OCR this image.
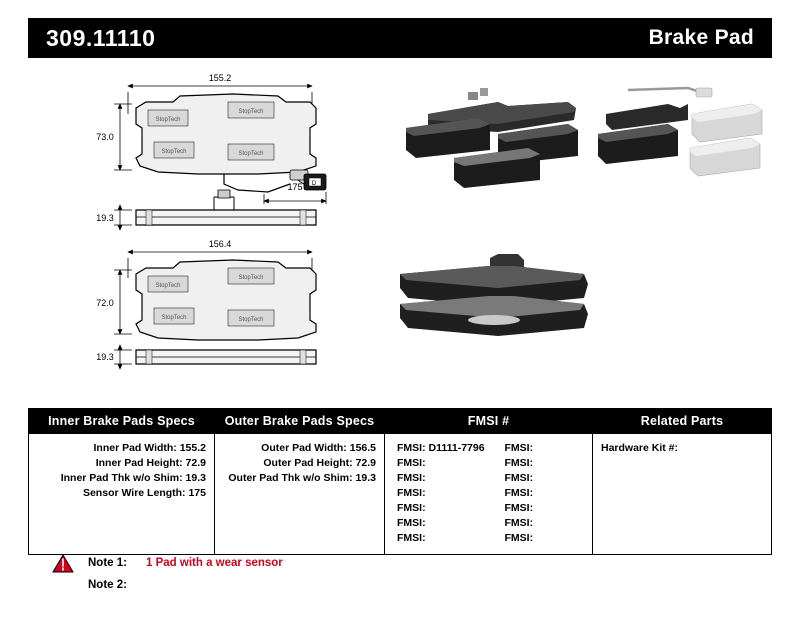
309.11110	Brake Pad
155.2
73.0
StopTech
StopTech
StopTech	StopTech
D
175
19.3
156.4
72.0
StopTech
StopTech
StopTech	StopTech
19.3
Inner Brake Pads Specs
Inner Pad Width: 155.2
Inner Pad Height: 72.9
Inner Pad Thk w/o Shim: 19.3
Sensor Wire Length: 175
Outer Brake Pads Specs
Outer Pad Width: 156.5
Outer Pad Height: 72.9
Outer Pad Thk w/o Shim: 19.3
FMSI #
FMSI: D1111-7796	FMSI:
FMSI:	FMSI:
FMSI:	FMSI:
FMSI:	FMSI:
FMSI:	FMSI:
FMSI:	FMSI:
FMSI:	FMSI:
Related Parts
Hardware Kit #:
Note 1:	1 Pad with a wear sensor
Note 2:
